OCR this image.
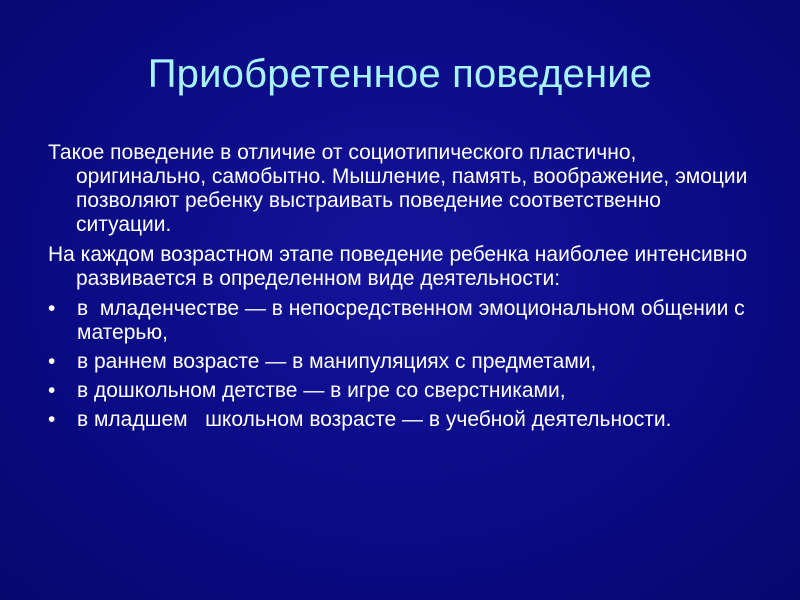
Приобретенное поведение

Такое поведение в отличие от социотипического пластично, оригинально, самобытно. Мышление, память, воображение, эмоции позволяют ребенку выстраивать поведение соответственно ситуации.

На каждом возрастном этапе поведение ребенка наиболее интенсивно развивается в определенном виде деятельности:

•	в  младенчестве — в непосредственном эмоциональном общении с матерью,
•	в раннем возрасте — в манипуляциях с предметами,
•	в дошкольном детстве — в игре со сверстниками,
•	в младшем   школьном возрасте — в учебной деятельности.
